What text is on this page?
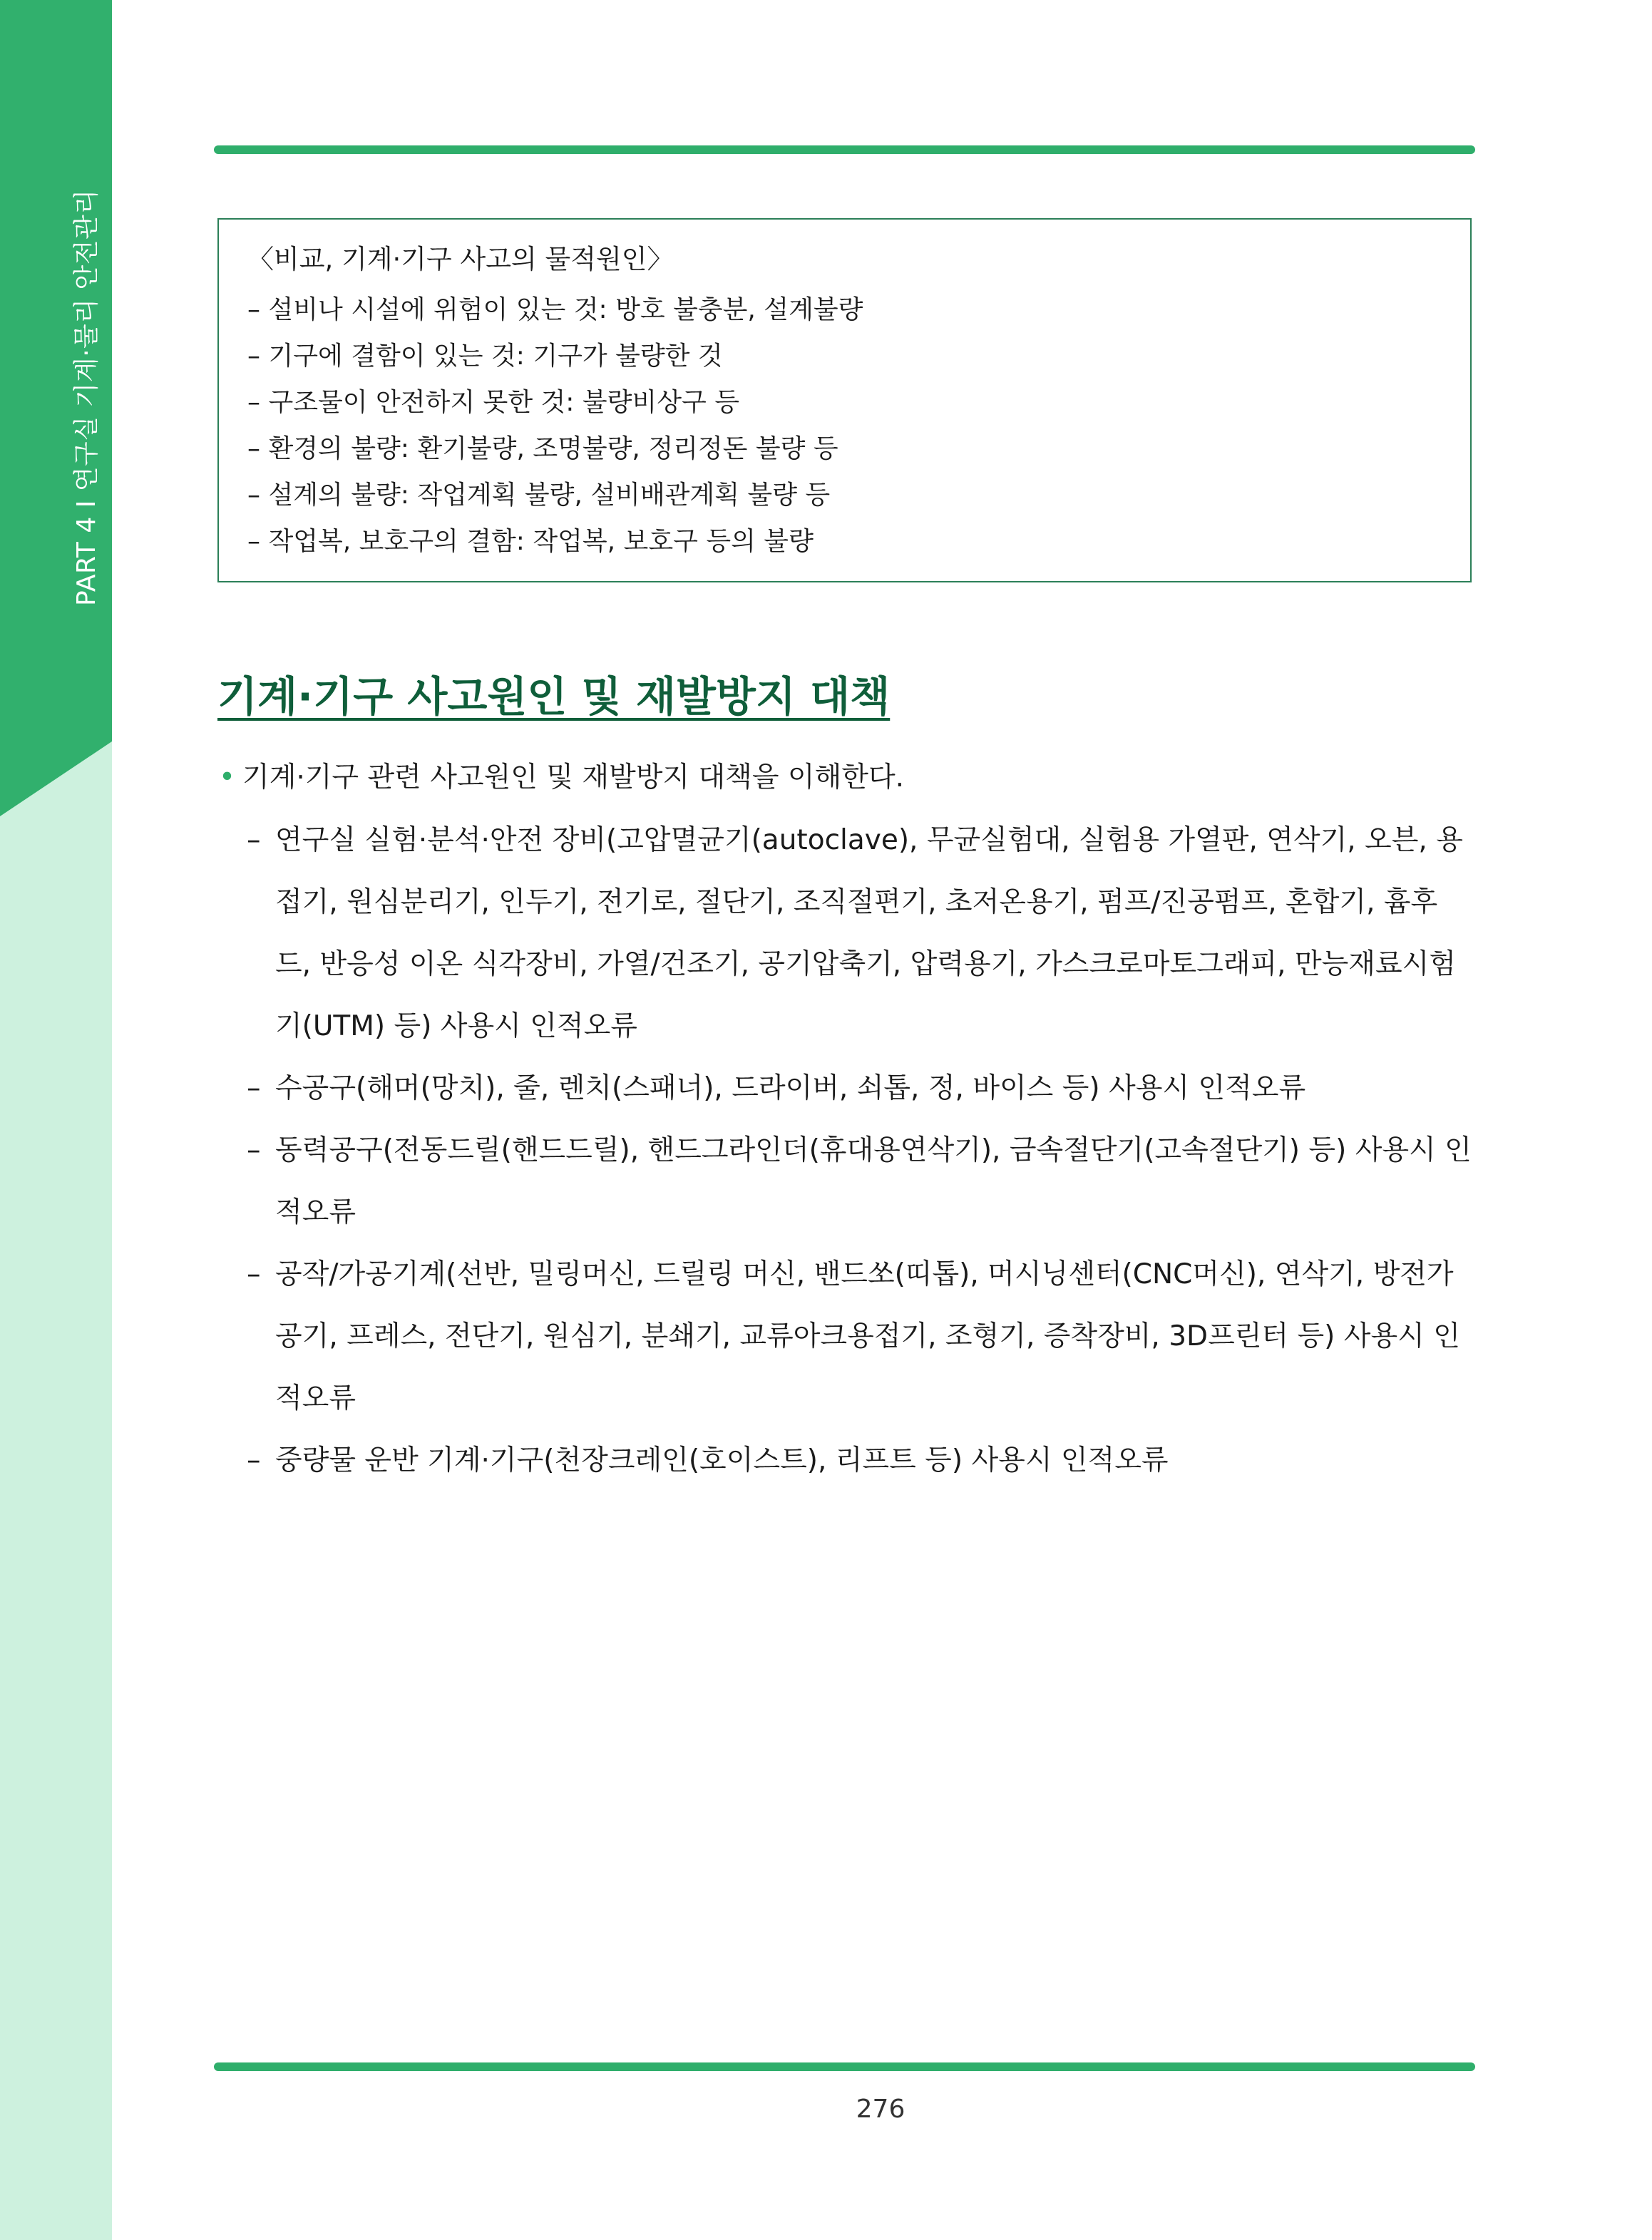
PART 4 I 연구실 기계·물리 안전관리	〈비교, 기계·기구 사고의 물적원인〉
– 설비나 시설에 위험이 있는 것: 방호 불충분, 설계불량
– 기구에 결함이 있는 것: 기구가 불량한 것
– 구조물이 안전하지 못한 것: 불량비상구 등
– 환경의 불량: 환기불량, 조명불량, 정리정돈 불량 등
– 설계의 불량: 작업계획 불량, 설비배관계획 불량 등
– 작업복, 보호구의 결함: 작업복, 보호구 등의 불량
기계·기구 사고원인 및 재발방지 대책
• 기계·기구 관련 사고원인 및 재발방지 대책을 이해한다.
– 연구실 실험·분석·안전 장비(고압멸균기(autoclave), 무균실험대, 실험용 가열판, 연삭기, 오븐, 용접기, 원심분리기, 인두기, 전기로, 절단기, 조직절편기, 초저온용기, 펌프/진공펌프, 혼합기, 흄후드, 반응성 이온 식각장비, 가열/건조기, 공기압축기, 압력용기, 가스크로마토그래피, 만능재료시험기(UTM) 등) 사용시 인적오류
– 수공구(해머(망치), 줄, 렌치(스패너), 드라이버, 쇠톱, 정, 바이스 등) 사용시 인적오류
– 동력공구(전동드릴(핸드드릴), 핸드그라인더(휴대용연삭기), 금속절단기(고속절단기) 등) 사용시 인적오류
– 공작/가공기계(선반, 밀링머신, 드릴링 머신, 밴드쏘(띠톱), 머시닝센터(CNC머신), 연삭기, 방전가공기, 프레스, 전단기, 원심기, 분쇄기, 교류아크용접기, 조형기, 증착장비, 3D프린터 등) 사용시 인적오류
– 중량물 운반 기계·기구(천장크레인(호이스트), 리프트 등) 사용시 인적오류
276
